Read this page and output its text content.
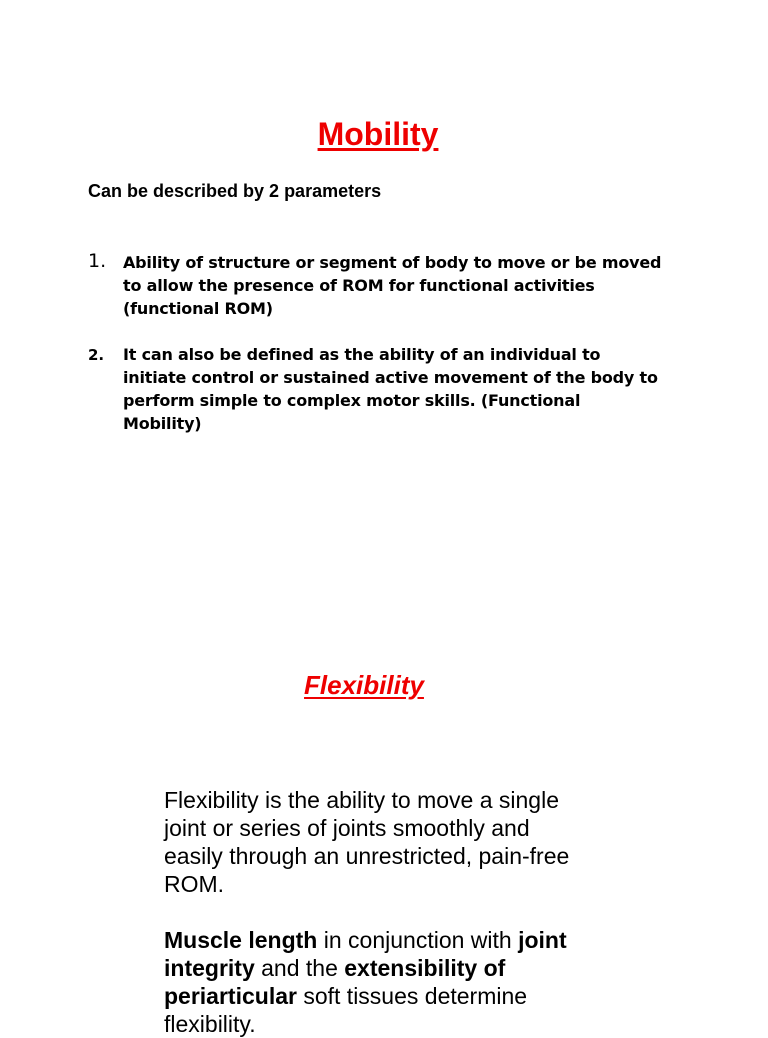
Mobility

Can be described by 2 parameters

1. Ability of structure or segment of body to move or be moved to allow the presence of ROM for functional activities (functional ROM)

2. It can also be defined as the ability of an individual to initiate control or sustained active movement of the body to perform simple to complex motor skills. (Functional Mobility)

Flexibility

Flexibility is the ability to move a single joint or series of joints smoothly and easily through an unrestricted, pain-free ROM.

Muscle length in conjunction with joint integrity and the extensibility of periarticular soft tissues determine flexibility.
